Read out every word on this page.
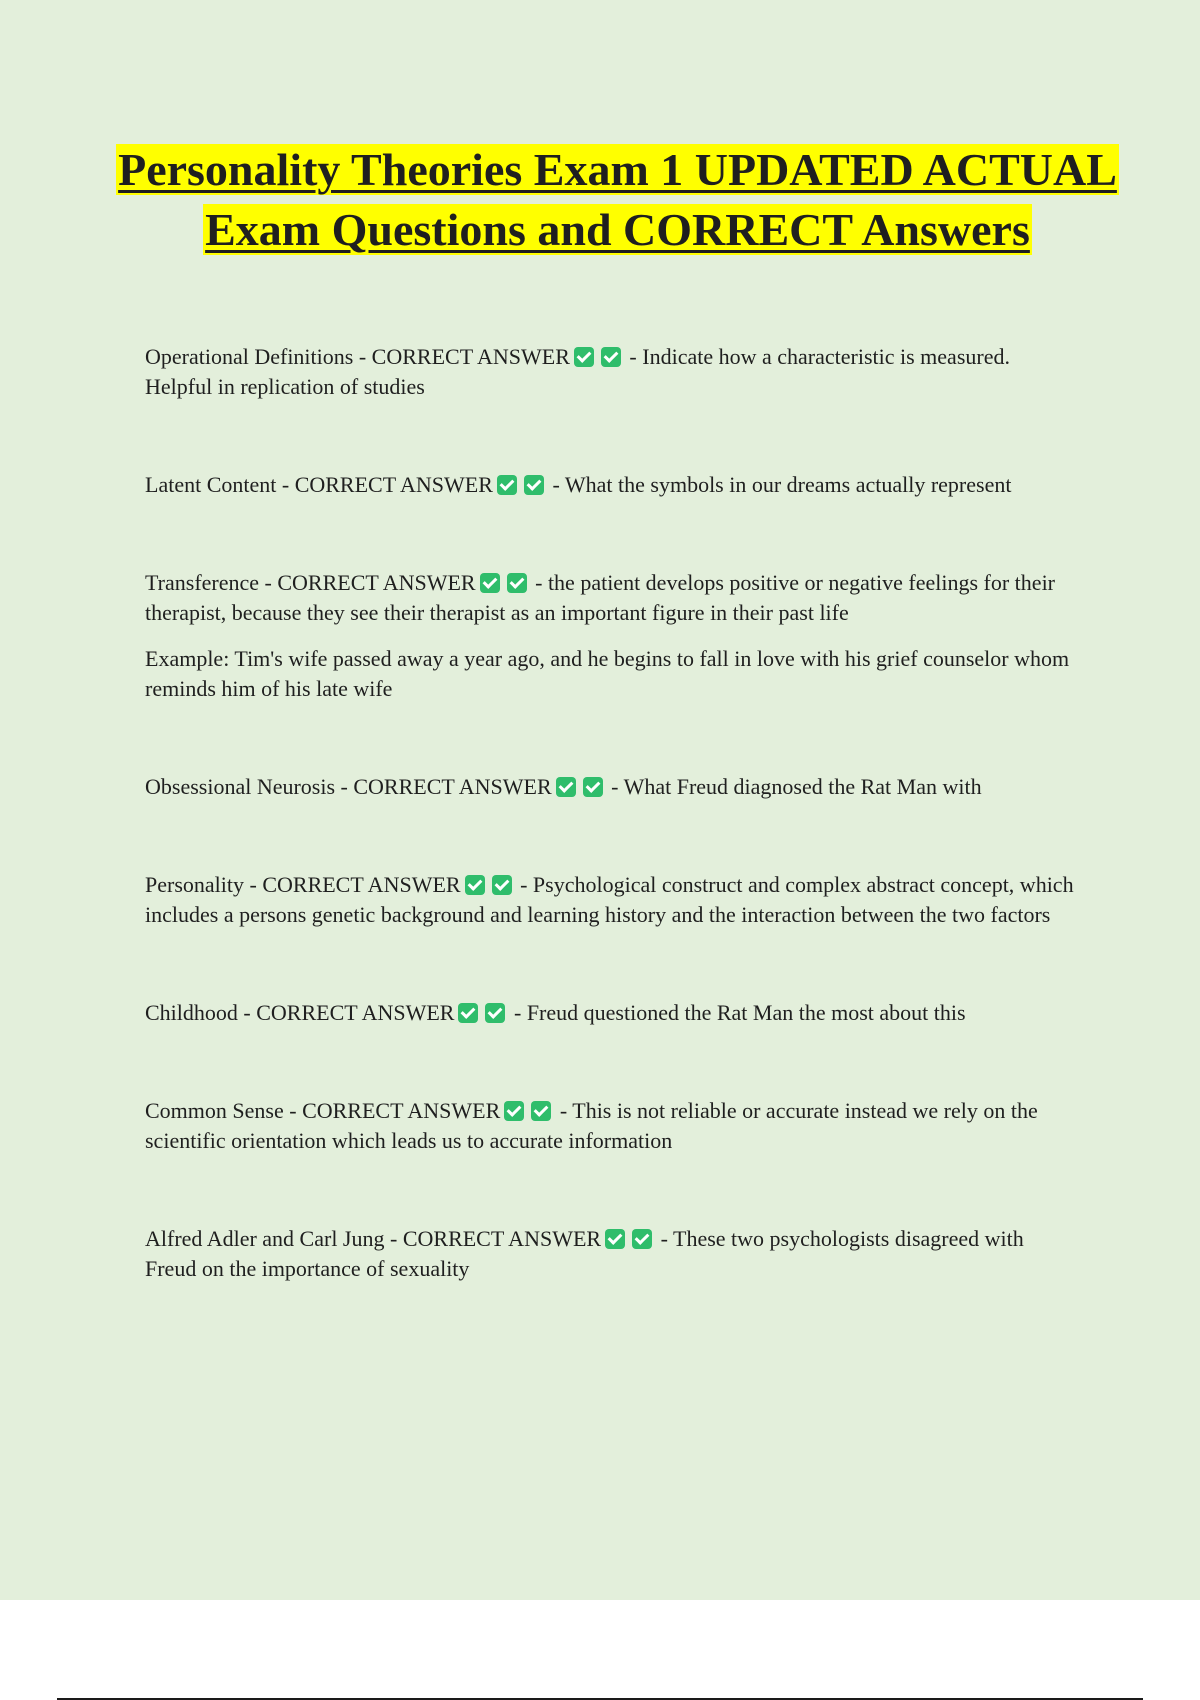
Personality Theories Exam 1 UPDATED ACTUAL Exam Questions and CORRECT Answers

Operational Definitions - CORRECT ANSWER - Indicate how a characteristic is measured. Helpful in replication of studies

Latent Content - CORRECT ANSWER - What the symbols in our dreams actually represent

Transference - CORRECT ANSWER - the patient develops positive or negative feelings for their therapist, because they see their therapist as an important figure in their past life

Example: Tim's wife passed away a year ago, and he begins to fall in love with his grief counselor whom reminds him of his late wife

Obsessional Neurosis - CORRECT ANSWER - What Freud diagnosed the Rat Man with

Personality - CORRECT ANSWER - Psychological construct and complex abstract concept, which includes a persons genetic background and learning history and the interaction between the two factors

Childhood - CORRECT ANSWER - Freud questioned the Rat Man the most about this

Common Sense - CORRECT ANSWER - This is not reliable or accurate instead we rely on the scientific orientation which leads us to accurate information

Alfred Adler and Carl Jung - CORRECT ANSWER - These two psychologists disagreed with Freud on the importance of sexuality
